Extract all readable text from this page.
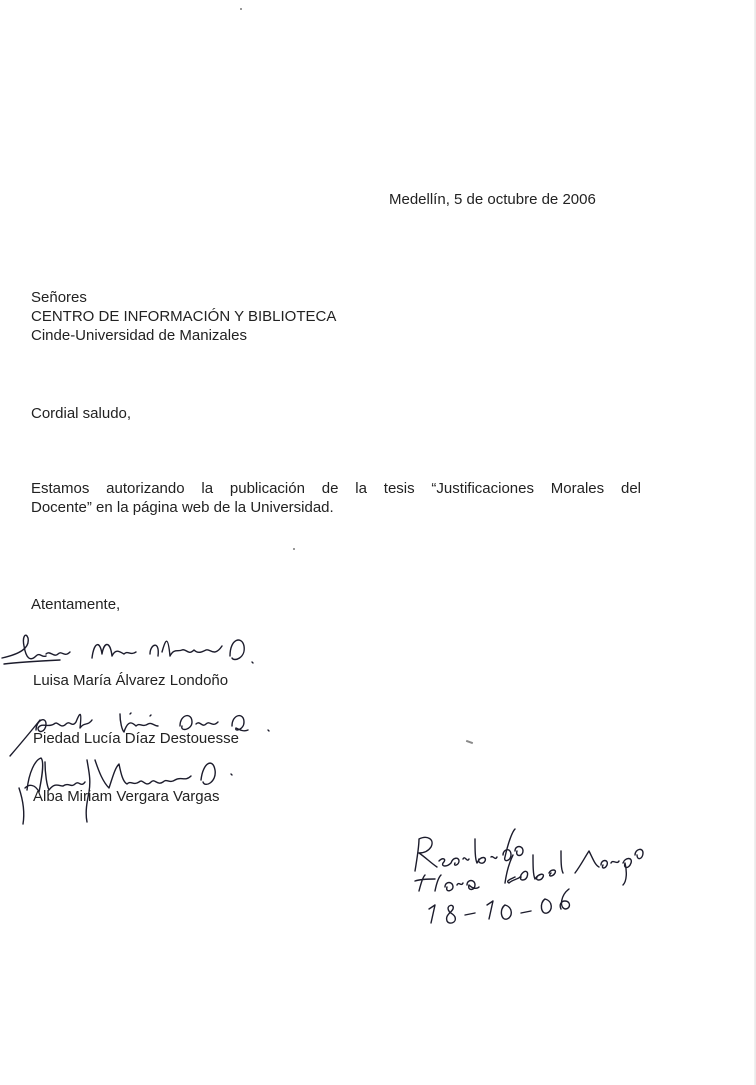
Medellín, 5 de octubre de 2006
Señores
CENTRO DE INFORMACIÓN Y BIBLIOTECA
Cinde-Universidad de Manizales
Cordial saludo,
Estamos autorizando la publicación de la tesis “Justificaciones Morales del
Docente” en la página web de la Universidad.
Atentamente,
Luisa María Álvarez Londoño
Piedad Lucía Díaz Destouesse
Alba Miriam Vergara Vargas
